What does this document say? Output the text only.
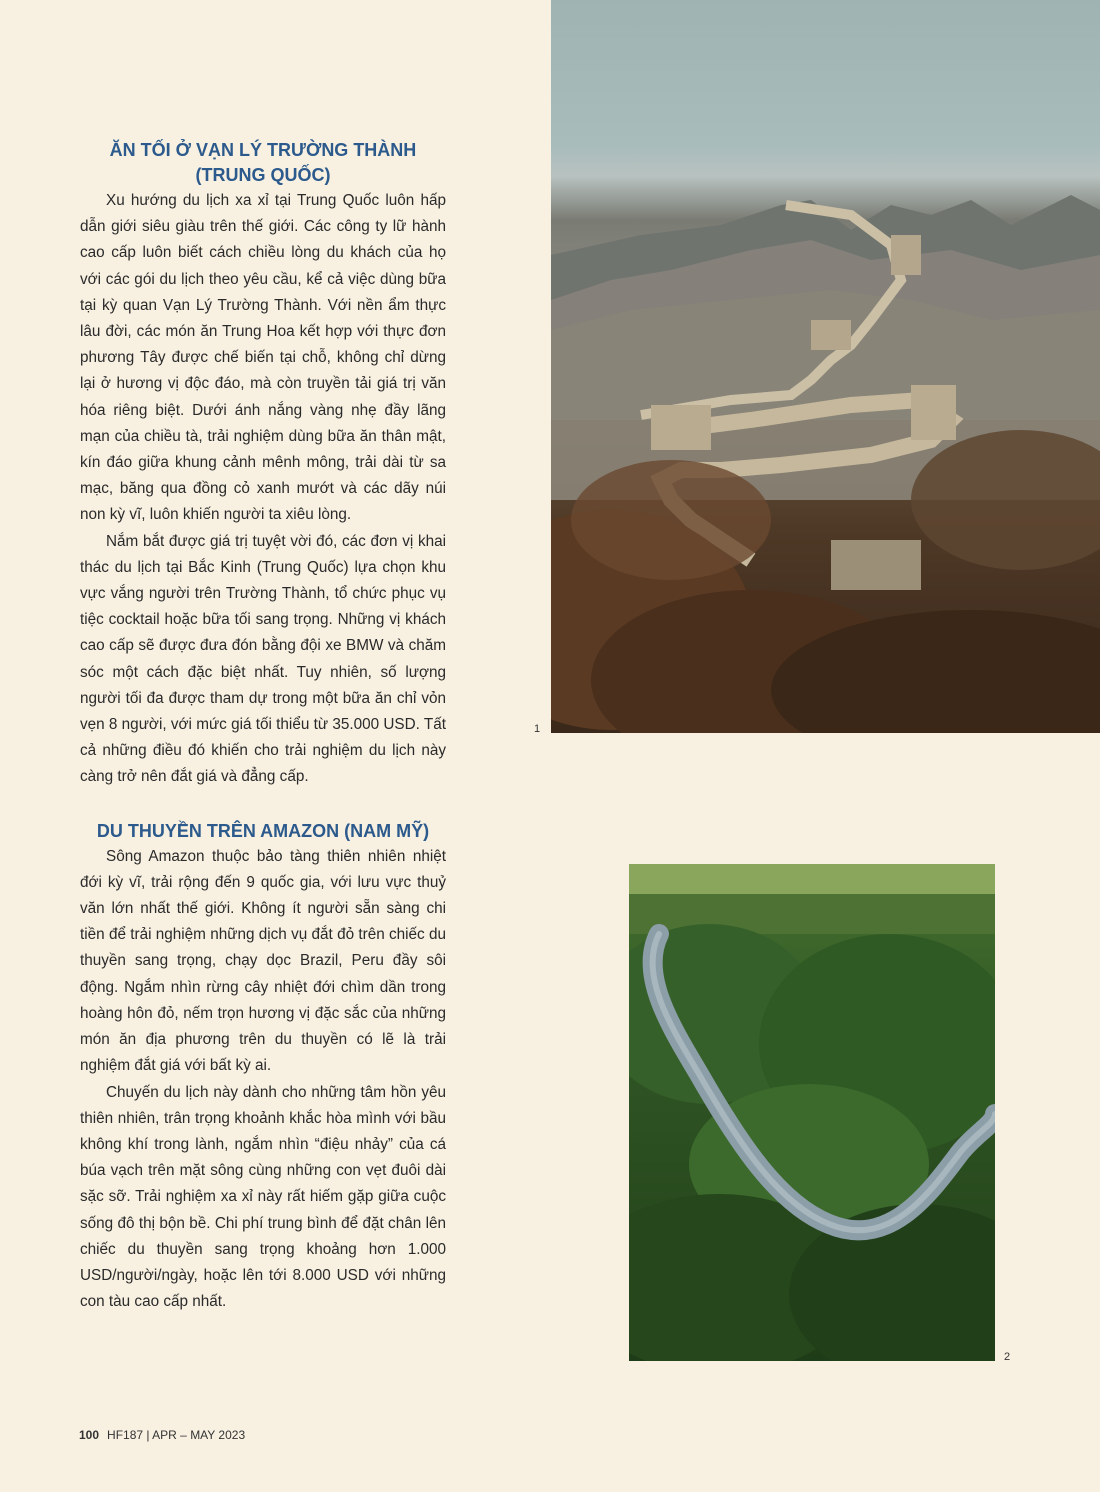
ĂN TỐI Ở VẠN LÝ TRƯỜNG THÀNH
(TRUNG QUỐC)

Xu hướng du lịch xa xỉ tại Trung Quốc luôn hấp dẫn giới siêu giàu trên thế giới. Các công ty lữ hành cao cấp luôn biết cách chiều lòng du khách của họ với các gói du lịch theo yêu cầu, kể cả việc dùng bữa tại kỳ quan Vạn Lý Trường Thành. Với nền ẩm thực lâu đời, các món ăn Trung Hoa kết hợp với thực đơn phương Tây được chế biến tại chỗ, không chỉ dừng lại ở hương vị độc đáo, mà còn truyền tải giá trị văn hóa riêng biệt. Dưới ánh nắng vàng nhẹ đầy lãng mạn của chiều tà, trải nghiệm dùng bữa ăn thân mật, kín đáo giữa khung cảnh mênh mông, trải dài từ sa mạc, băng qua đồng cỏ xanh mướt và các dãy núi non kỳ vĩ, luôn khiến người ta xiêu lòng.

Nắm bắt được giá trị tuyệt vời đó, các đơn vị khai thác du lịch tại Bắc Kinh (Trung Quốc) lựa chọn khu vực vắng người trên Trường Thành, tổ chức phục vụ tiệc cocktail hoặc bữa tối sang trọng. Những vị khách cao cấp sẽ được đưa đón bằng đội xe BMW và chăm sóc một cách đặc biệt nhất. Tuy nhiên, số lượng người tối đa được tham dự trong một bữa ăn chỉ vỏn vẹn 8 người, với mức giá tối thiểu từ 35.000 USD. Tất cả những điều đó khiến cho trải nghiệm du lịch này càng trở nên đắt giá và đẳng cấp.

DU THUYỀN TRÊN AMAZON (NAM MỸ)

Sông Amazon thuộc bảo tàng thiên nhiên nhiệt đới kỳ vĩ, trải rộng đến 9 quốc gia, với lưu vực thuỷ văn lớn nhất thế giới. Không ít người sẵn sàng chi tiền để trải nghiệm những dịch vụ đắt đỏ trên chiếc du thuyền sang trọng, chạy dọc Brazil, Peru đầy sôi động. Ngắm nhìn rừng cây nhiệt đới chìm dần trong hoàng hôn đỏ, nếm trọn hương vị đặc sắc của những món ăn địa phương trên du thuyền có lẽ là trải nghiệm đắt giá với bất kỳ ai.

Chuyến du lịch này dành cho những tâm hồn yêu thiên nhiên, trân trọng khoảnh khắc hòa mình với bầu không khí trong lành, ngắm nhìn “điệu nhảy” của cá búa vạch trên mặt sông cùng những con vẹt đuôi dài sặc sỡ. Trải nghiệm xa xỉ này rất hiếm gặp giữa cuộc sống đô thị bộn bề. Chi phí trung bình để đặt chân lên chiếc du thuyền sang trọng khoảng hơn 1.000 USD/người/ngày, hoặc lên tới 8.000 USD với những con tàu cao cấp nhất.

1
2
100 HF187 | APR – MAY 2023
